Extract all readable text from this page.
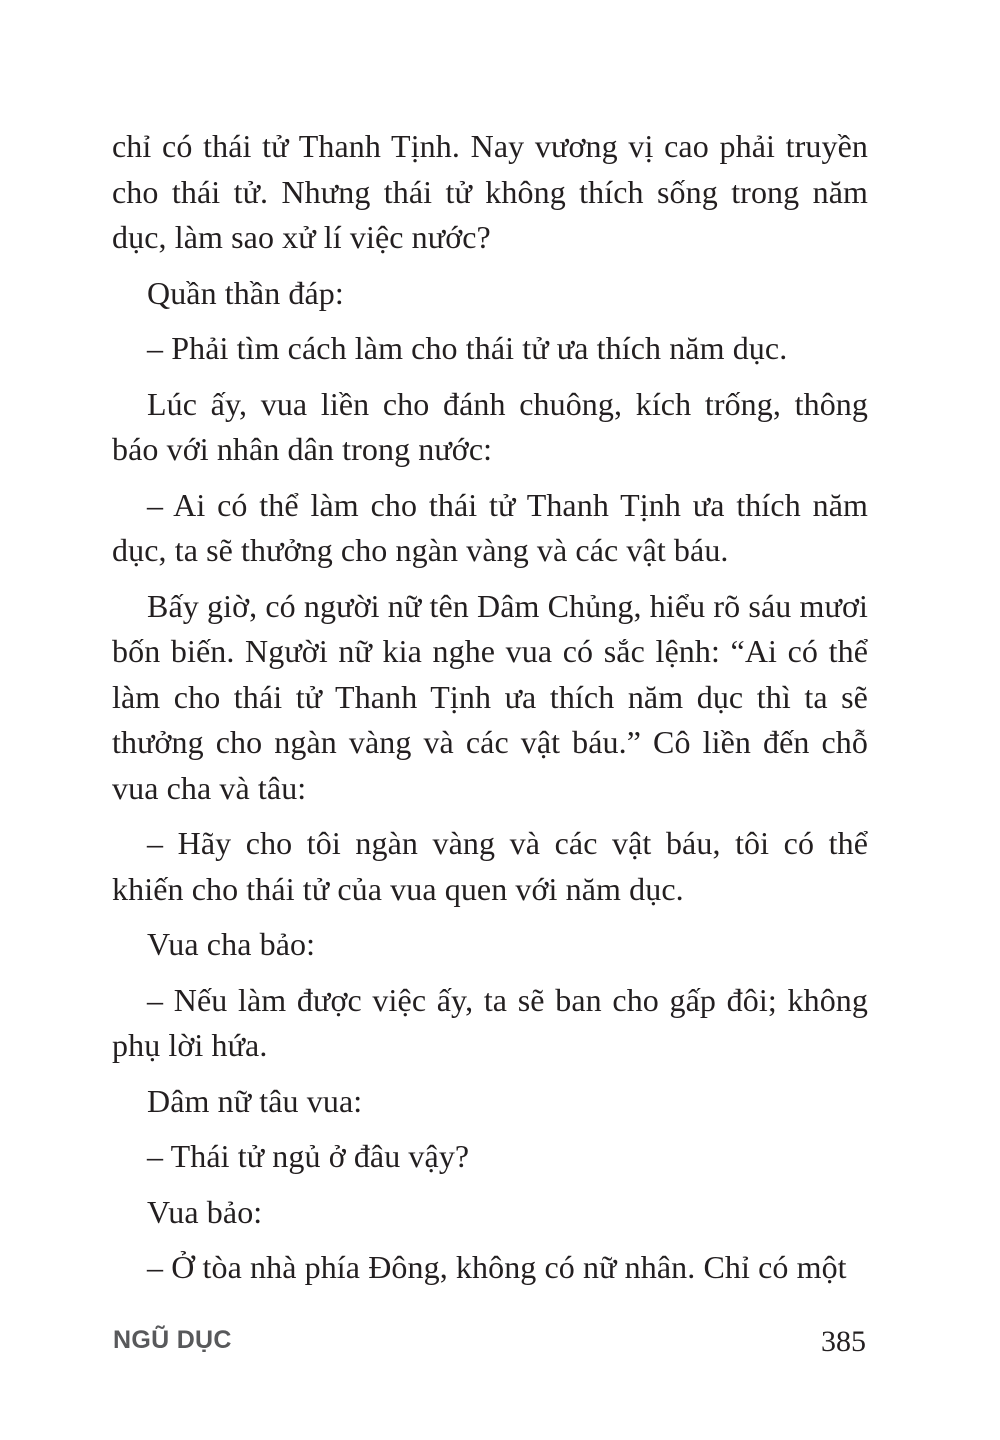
chỉ có thái tử Thanh Tịnh. Nay vương vị cao phải truyền cho thái tử. Nhưng thái tử không thích sống trong năm dục, làm sao xử lí việc nước?

Quần thần đáp:

– Phải tìm cách làm cho thái tử ưa thích năm dục.

Lúc ấy, vua liền cho đánh chuông, kích trống, thông báo với nhân dân trong nước:

– Ai có thể làm cho thái tử Thanh Tịnh ưa thích năm dục, ta sẽ thưởng cho ngàn vàng và các vật báu.

Bấy giờ, có người nữ tên Dâm Chủng, hiểu rõ sáu mươi bốn biến. Người nữ kia nghe vua có sắc lệnh: “Ai có thể làm cho thái tử Thanh Tịnh ưa thích năm dục thì ta sẽ thưởng cho ngàn vàng và các vật báu.” Cô liền đến chỗ vua cha và tâu:

– Hãy cho tôi ngàn vàng và các vật báu, tôi có thể khiến cho thái tử của vua quen với năm dục.

Vua cha bảo:

– Nếu làm được việc ấy, ta sẽ ban cho gấp đôi; không phụ lời hứa.

Dâm nữ tâu vua:

– Thái tử ngủ ở đâu vậy?

Vua bảo:

– Ở tòa nhà phía Đông, không có nữ nhân. Chỉ có một

NGŨ DỤC	385
